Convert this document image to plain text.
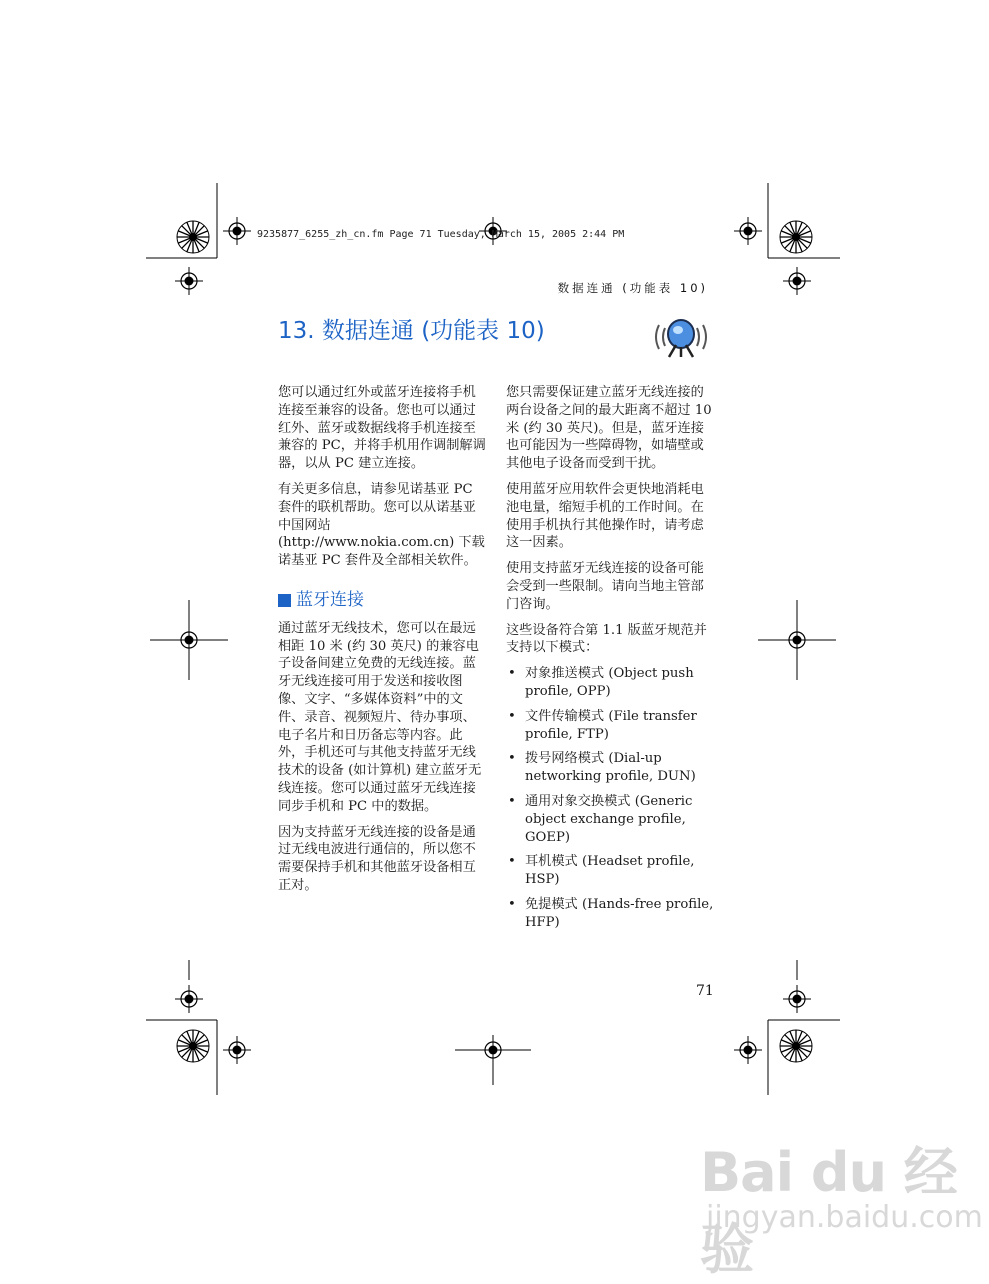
9235877_6255_zh_cn.fm Page 71 Tuesday, March 15, 2005 2:44 PM
数据连通 (功能表 10)
13. 数据连通 (功能表 10)

您可以通过红外或蓝牙连接将手机连接至兼容的设备。您也可以通过红外、蓝牙或数据线将手机连接至兼容的 PC，并将手机用作调制解调器，以从 PC 建立连接。

有关更多信息，请参见诺基亚 PC 套件的联机帮助。您可以从诺基亚中国网站 (http://www.nokia.com.cn) 下载诺基亚 PC 套件及全部相关软件。

蓝牙连接

通过蓝牙无线技术，您可以在最远相距 10 米 (约 30 英尺) 的兼容电子设备间建立免费的无线连接。蓝牙无线连接可用于发送和接收图像、文字、“多媒体资料”中的文件、录音、视频短片、待办事项、电子名片和日历备忘等内容。此外，手机还可与其他支持蓝牙无线技术的设备 (如计算机) 建立蓝牙无线连接。您可以通过蓝牙无线连接同步手机和 PC 中的数据。

因为支持蓝牙无线连接的设备是通过无线电波进行通信的，所以您不需要保持手机和其他蓝牙设备相互正对。

您只需要保证建立蓝牙无线连接的两台设备之间的最大距离不超过 10 米 (约 30 英尺)。但是，蓝牙连接也可能因为一些障碍物，如墙壁或其他电子设备而受到干扰。

使用蓝牙应用软件会更快地消耗电池电量，缩短手机的工作时间。在使用手机执行其他操作时，请考虑这一因素。

使用支持蓝牙无线连接的设备可能会受到一些限制。请向当地主管部门咨询。

这些设备符合第 1.1 版蓝牙规范并支持以下模式：

• 对象推送模式 (Object push profile, OPP)
• 文件传输模式 (File transfer profile, FTP)
• 拨号网络模式 (Dial-up networking profile, DUN)
• 通用对象交换模式 (Generic object exchange profile, GOEP)
• 耳机模式 (Headset profile, HSP)
• 免提模式 (Hands-free profile, HFP)
71
Bai du 经验
jingyan.baidu.com
